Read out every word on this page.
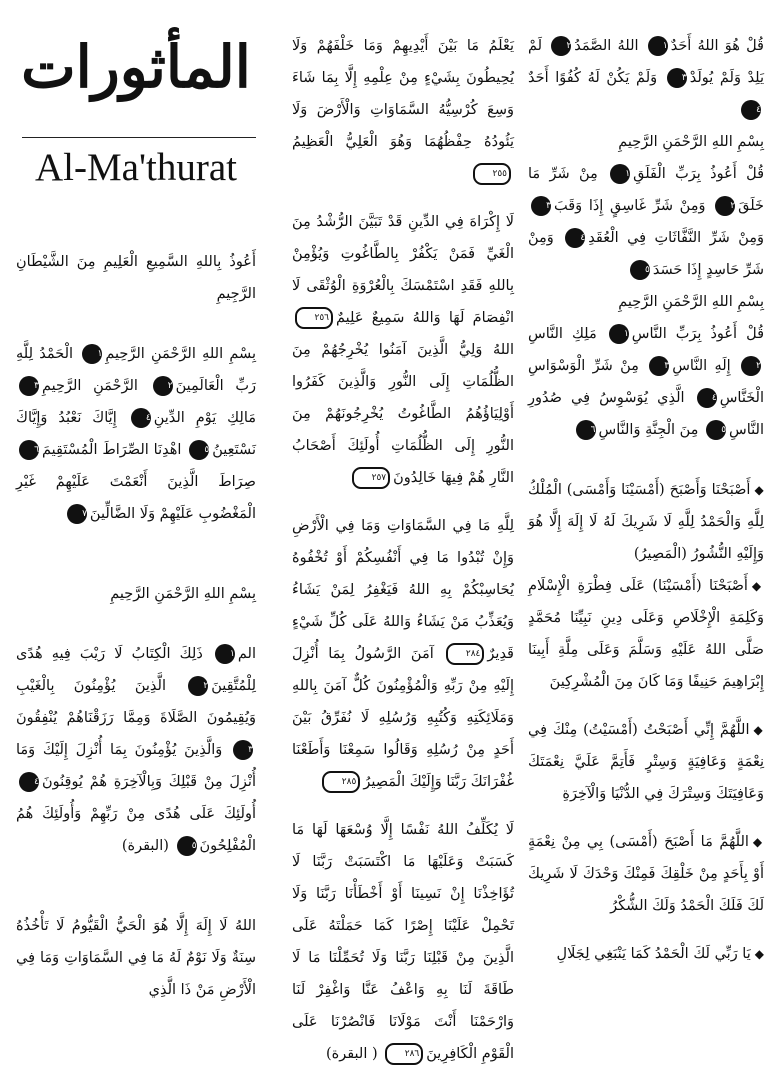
المأثورات
Al-Ma'thurat

أَعُوذُ بِاللهِ السَّمِيعِ الْعَلِيمِ مِنَ الشَّيْطَانِ الرَّجِيمِ

بِسْمِ اللهِ الرَّحْمَنِ الرَّحِيمِ١ الْحَمْدُ لِلَّهِ رَبِّ الْعَالَمِينَ٢ الرَّحْمَنِ الرَّحِيمِ٣ مَالِكِ يَوْمِ الدِّينِ٤ إِيَّاكَ نَعْبُدُ وَإِيَّاكَ نَسْتَعِينُ٥ اهْدِنَا الصِّرَاطَ الْمُسْتَقِيمَ٦ صِرَاطَ الَّذِينَ أَنْعَمْتَ عَلَيْهِمْ غَيْرِ الْمَغْضُوبِ عَلَيْهِمْ وَلَا الضَّالِّينَ٧

بِسْمِ اللهِ الرَّحْمَنِ الرَّحِيمِ

الم١ ذَلِكَ الْكِتَابُ لَا رَيْبَ فِيهِ هُدًى لِلْمُتَّقِينَ٢ الَّذِينَ يُؤْمِنُونَ بِالْغَيْبِ وَيُقِيمُونَ الصَّلَاةَ وَمِمَّا رَزَقْنَاهُمْ يُنْفِقُونَ٣ وَالَّذِينَ يُؤْمِنُونَ بِمَا أُنْزِلَ إِلَيْكَ وَمَا أُنْزِلَ مِنْ قَبْلِكَ وَبِالْآخِرَةِ هُمْ يُوقِنُونَ٤ أُولَئِكَ عَلَى هُدًى مِنْ رَبِّهِمْ وَأُولَئِكَ هُمُ الْمُفْلِحُونَ٥ (البقرة)

اللهُ لَا إِلَهَ إِلَّا هُوَ الْحَيُّ الْقَيُّومُ لَا تَأْخُذُهُ سِنَةٌ وَلَا نَوْمٌ لَهُ مَا فِي السَّمَاوَاتِ وَمَا فِي الْأَرْضِ مَنْ ذَا الَّذِي

يَعْلَمُ مَا بَيْنَ أَيْدِيهِمْ وَمَا خَلْفَهُمْ وَلَا يُحِيطُونَ بِشَيْءٍ مِنْ عِلْمِهِ إِلَّا بِمَا شَاءَ وَسِعَ كُرْسِيُّهُ السَّمَاوَاتِ وَالْأَرْضَ وَلَا يَئُودُهُ حِفْظُهُمَا وَهُوَ الْعَلِيُّ الْعَظِيمُ٢٥٥

لَا إِكْرَاهَ فِي الدِّينِ قَدْ تَبَيَّنَ الرُّشْدُ مِنَ الْغَيِّ فَمَنْ يَكْفُرْ بِالطَّاغُوتِ وَيُؤْمِنْ بِاللهِ فَقَدِ اسْتَمْسَكَ بِالْعُرْوَةِ الْوُثْقَى لَا انْفِصَامَ لَهَا وَاللهُ سَمِيعٌ عَلِيمٌ٢٥٦ اللهُ وَلِيُّ الَّذِينَ آمَنُوا يُخْرِجُهُمْ مِنَ الظُّلُمَاتِ إِلَى النُّورِ وَالَّذِينَ كَفَرُوا أَوْلِيَاؤُهُمُ الطَّاغُوتُ يُخْرِجُونَهُمْ مِنَ النُّورِ إِلَى الظُّلُمَاتِ أُولَئِكَ أَصْحَابُ النَّارِ هُمْ فِيهَا خَالِدُونَ٢٥٧

لِلَّهِ مَا فِي السَّمَاوَاتِ وَمَا فِي الْأَرْضِ وَإِنْ تُبْدُوا مَا فِي أَنْفُسِكُمْ أَوْ تُخْفُوهُ يُحَاسِبْكُمْ بِهِ اللهُ فَيَغْفِرُ لِمَنْ يَشَاءُ وَيُعَذِّبُ مَنْ يَشَاءُ وَاللهُ عَلَى كُلِّ شَيْءٍ قَدِيرٌ٢٨٤ آمَنَ الرَّسُولُ بِمَا أُنْزِلَ إِلَيْهِ مِنْ رَبِّهِ وَالْمُؤْمِنُونَ كُلٌّ آمَنَ بِاللهِ وَمَلَائِكَتِهِ وَكُتُبِهِ وَرُسُلِهِ لَا نُفَرِّقُ بَيْنَ أَحَدٍ مِنْ رُسُلِهِ وَقَالُوا سَمِعْنَا وَأَطَعْنَا غُفْرَانَكَ رَبَّنَا وَإِلَيْكَ الْمَصِيرُ٢٨٥

لَا يُكَلِّفُ اللهُ نَفْسًا إِلَّا وُسْعَهَا لَهَا مَا كَسَبَتْ وَعَلَيْهَا مَا اكْتَسَبَتْ رَبَّنَا لَا تُؤَاخِذْنَا إِنْ نَسِينَا أَوْ أَخْطَأْنَا رَبَّنَا وَلَا تَحْمِلْ عَلَيْنَا إِصْرًا كَمَا حَمَلْتَهُ عَلَى الَّذِينَ مِنْ قَبْلِنَا رَبَّنَا وَلَا تُحَمِّلْنَا مَا لَا طَاقَةَ لَنَا بِهِ وَاعْفُ عَنَّا وَاغْفِرْ لَنَا وَارْحَمْنَا أَنْتَ مَوْلَانَا فَانْصُرْنَا عَلَى الْقَوْمِ الْكَافِرِينَ٢٨٦ ( البقرة)

قُلْ هُوَ اللهُ أَحَدٌ١ اللهُ الصَّمَدُ٢ لَمْ يَلِدْ وَلَمْ يُولَدْ٣ وَلَمْ يَكُنْ لَهُ كُفُوًا أَحَدٌ٤

بِسْمِ اللهِ الرَّحْمَنِ الرَّحِيمِ

قُلْ أَعُوذُ بِرَبِّ الْفَلَقِ١ مِنْ شَرِّ مَا خَلَقَ٢ وَمِنْ شَرِّ غَاسِقٍ إِذَا وَقَبَ٣ وَمِنْ شَرِّ النَّفَّاثَاتِ فِي الْعُقَدِ٤ وَمِنْ شَرِّ حَاسِدٍ إِذَا حَسَدَ٥

بِسْمِ اللهِ الرَّحْمَنِ الرَّحِيمِ

قُلْ أَعُوذُ بِرَبِّ النَّاسِ١ مَلِكِ النَّاسِ٢ إِلَهِ النَّاسِ٣ مِنْ شَرِّ الْوَسْوَاسِ الْخَنَّاسِ٤ الَّذِي يُوَسْوِسُ فِي صُدُورِ النَّاسِ٥ مِنَ الْجِنَّةِ وَالنَّاسِ٦

◆أَصْبَحْنَا وَأَصْبَحَ (أَمْسَيْنَا وَأَمْسَى) الْمُلْكُ لِلَّهِ وَالْحَمْدُ لِلَّهِ لَا شَرِيكَ لَهُ لَا إِلَهَ إِلَّا هُوَ وَإِلَيْهِ النُّشُورُ (الْمَصِيرُ)

◆أَصْبَحْنَا (أَمْسَيْنَا) عَلَى فِطْرَةِ الْإِسْلَامِ وَكَلِمَةِ الْإِخْلَاصِ وَعَلَى دِينِ نَبِيِّنَا مُحَمَّدٍ صَلَّى اللهُ عَلَيْهِ وَسَلَّمَ وَعَلَى مِلَّةِ أَبِينَا إِبْرَاهِيمَ حَنِيفًا وَمَا كَانَ مِنَ الْمُشْرِكِينَ

◆اللَّهُمَّ إِنِّي أَصْبَحْتُ (أَمْسَيْتُ) مِنْكَ فِي نِعْمَةٍ وَعَافِيَةٍ وَسِتْرٍ فَأَتِمَّ عَلَيَّ نِعْمَتَكَ وَعَافِيَتَكَ وَسِتْرَكَ فِي الدُّنْيَا وَالْآخِرَةِ

◆اللَّهُمَّ مَا أَصْبَحَ (أَمْسَى) بِي مِنْ نِعْمَةٍ أَوْ بِأَحَدٍ مِنْ خَلْقِكَ فَمِنْكَ وَحْدَكَ لَا شَرِيكَ لَكَ فَلَكَ الْحَمْدُ وَلَكَ الشُّكْرُ

◆يَا رَبِّي لَكَ الْحَمْدُ كَمَا يَنْبَغِي لِجَلَالِ
